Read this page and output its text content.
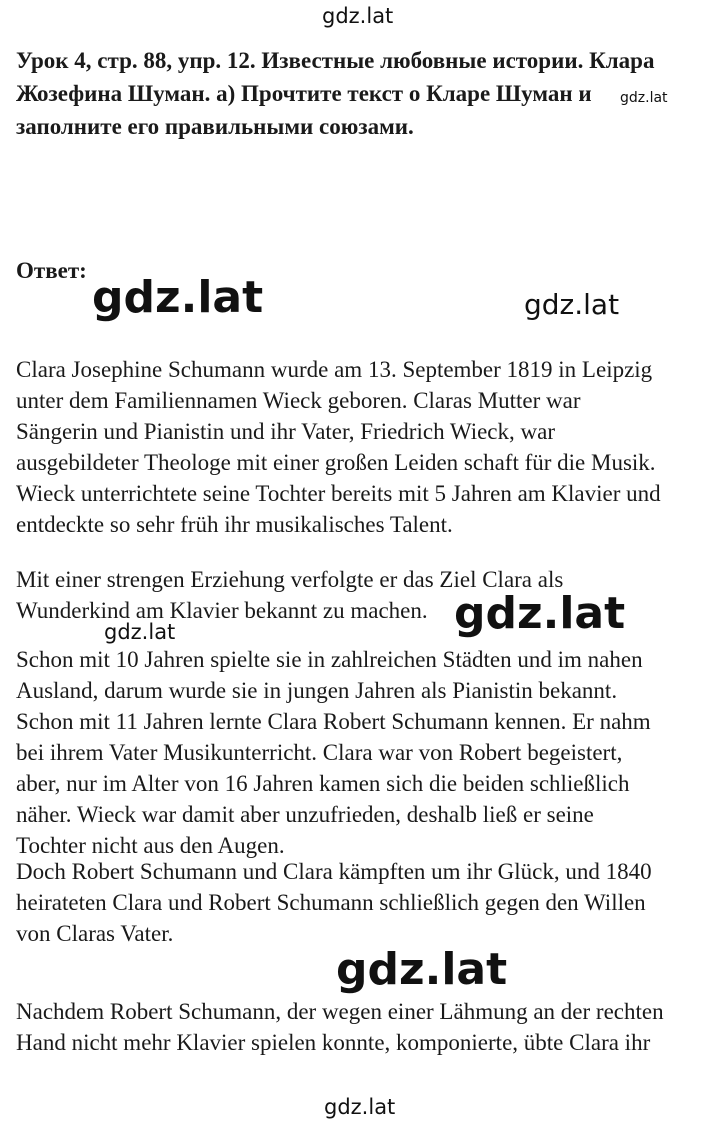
Урок 4, стр. 88, упр. 12. Известные любовные истории. Клара
Жозефина Шуман. а) Прочтите текст о Кларе Шуман и
заполните его правильными союзами.
Ответ:
Clara Josephine Schumann wurde am 13. September 1819 in Leipzig
unter dem Familiennamen Wieck geboren. Claras Mutter war
Sängerin und Pianistin und ihr Vater, Friedrich Wieck, war
ausgebildeter Theologe mit einer großen Leiden schaft für die Musik.
Wieck unterrichtete seine Tochter bereits mit 5 Jahren am Klavier und
entdeckte so sehr früh ihr musikalisches Talent.
Mit einer strengen Erziehung verfolgte er das Ziel Clara als
Wunderkind am Klavier bekannt zu machen.
Schon mit 10 Jahren spielte sie in zahlreichen Städten und im nahen
Ausland, darum wurde sie in jungen Jahren als Pianistin bekannt.
Schon mit 11 Jahren lernte Clara Robert Schumann kennen. Er nahm
bei ihrem Vater Musikunterricht. Clara war von Robert begeistert,
aber, nur im Alter von 16 Jahren kamen sich die beiden schließlich
näher. Wieck war damit aber unzufrieden, deshalb ließ er seine
Tochter nicht aus den Augen.
Doch Robert Schumann und Clara kämpften um ihr Glück, und 1840
heirateten Clara und Robert Schumann schließlich gegen den Willen
von Claras Vater.
Nachdem Robert Schumann, der wegen einer Lähmung an der rechten
Hand nicht mehr Klavier spielen konnte, komponierte, übte Clara ihr
gdz.lat
gdz.lat
gdz.lat	gdz.lat
gdz.lat
gdz.lat
gdz.lat
gdz.lat
